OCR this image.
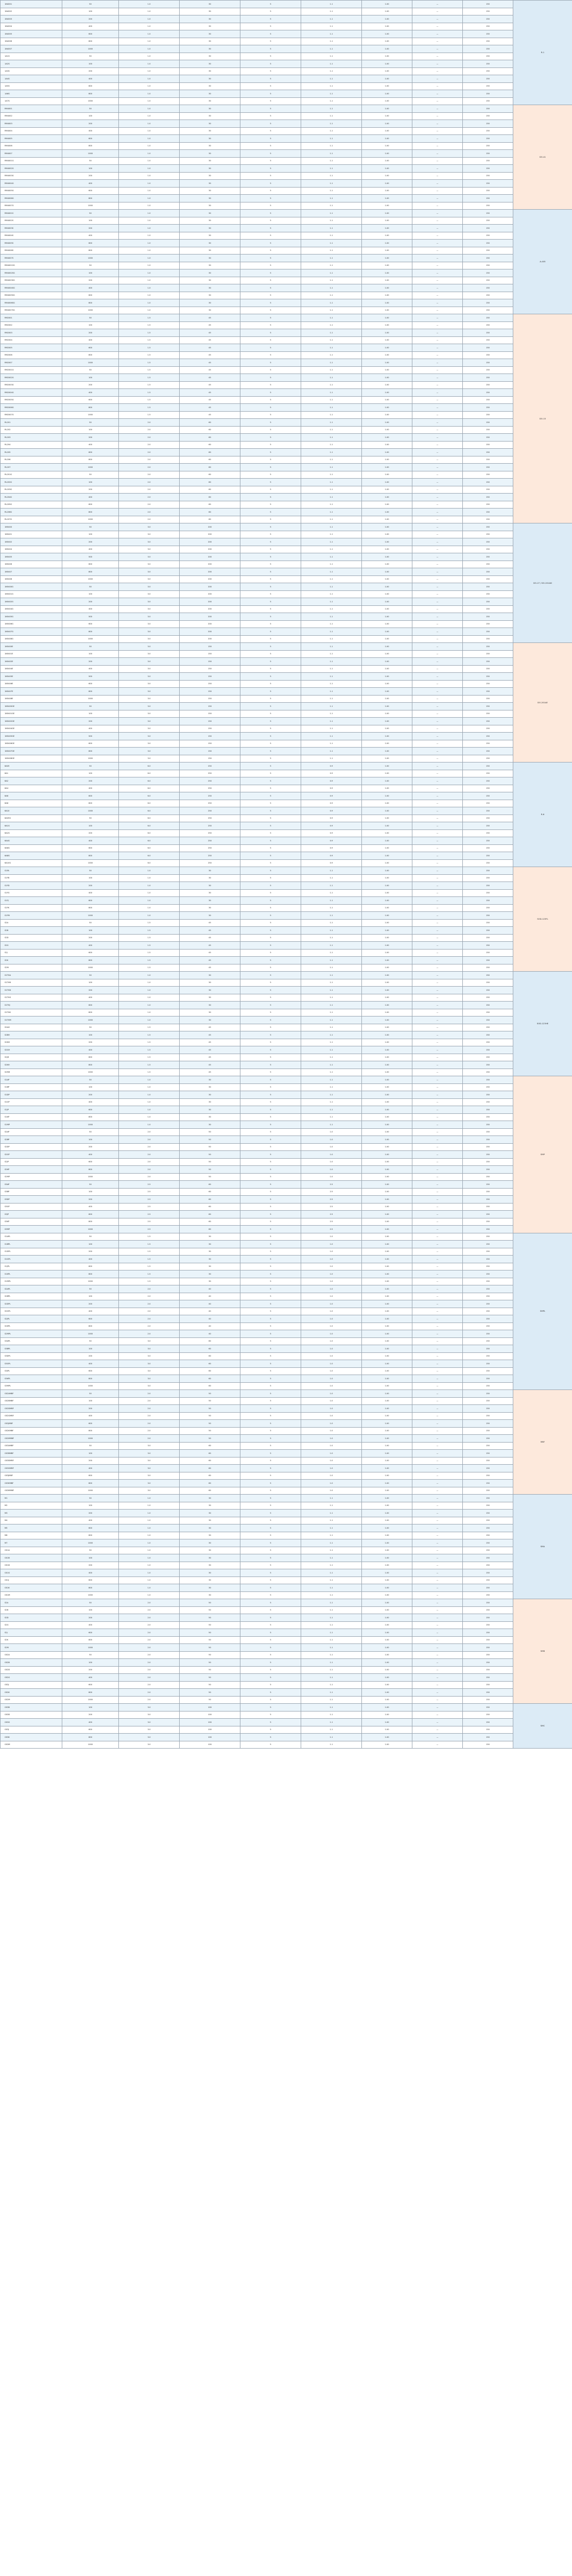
1N4001	50	1.0	30	5	1.1	1.00	—	150	R-1
1N4002	100	1.0	30	5	1.1	1.00	—	150	
1N4003	200	1.0	30	5	1.1	1.00	—	150	
1N4004	400	1.0	30	5	1.1	1.00	—	150	
1N4005	600	1.0	30	5	1.1	1.00	—	150	
1N4006	800	1.0	30	5	1.1	1.00	—	150	
1N4007	1000	1.0	30	5	1.1	1.00	—	150	
1A1G	50	1.0	30	5	1.1	1.00	—	150	
1A2G	100	1.0	30	5	1.1	1.00	—	150	
1A3G	200	1.0	30	5	1.1	1.00	—	150	
1A4G	400	1.0	30	5	1.1	1.00	—	150	
1A5G	600	1.0	30	5	1.1	1.00	—	150	
1A6G	800	1.0	30	5	1.1	1.00	—	150	
1A7G	1000	1.0	30	5	1.1	1.00	—	150	
RM4001	50	1.0	30	5	1.1	1.00	—	150	DO-41
RM4002	100	1.0	30	5	1.1	1.00	—	150	
RM4003	200	1.0	30	5	1.1	1.00	—	150	
RM4004	400	1.0	30	5	1.1	1.00	—	150	
RM4005	600	1.0	30	5	1.1	1.00	—	150	
RM4006	800	1.0	30	5	1.1	1.00	—	150	
RM4007	1000	1.0	30	5	1.1	1.00	—	150	
RM4001G	50	1.0	30	5	1.1	1.00	—	150	
RM4002G	100	1.0	30	5	1.1	1.00	—	150	
RM4003G	200	1.0	30	5	1.1	1.00	—	150	
RM4004G	400	1.0	30	5	1.1	1.00	—	150	
RM4005G	600	1.0	30	5	1.1	1.00	—	150	
RM4006G	800	1.0	30	5	1.1	1.00	—	150	
RM4007G	1000	1.0	30	5	1.1	1.00	—	150	
RM4001S	50	1.0	30	5	1.1	1.00	—	150	A-405
RM4002S	100	1.0	30	5	1.1	1.00	—	150	
RM4003S	200	1.0	30	5	1.1	1.00	—	150	
RM4004S	400	1.0	30	5	1.1	1.00	—	150	
RM4005S	600	1.0	30	5	1.1	1.00	—	150	
RM4006S	800	1.0	30	5	1.1	1.00	—	150	
RM4007S	1000	1.0	30	5	1.1	1.00	—	150	
RM4001SG	50	1.0	30	5	1.1	1.00	—	150	
RM4002SG	100	1.0	30	5	1.1	1.00	—	150	
RM4003SG	200	1.0	30	5	1.1	1.00	—	150	
RM4004SG	400	1.0	30	5	1.1	1.00	—	150	
RM4005SG	600	1.0	30	5	1.1	1.00	—	150	
RM4006SG	800	1.0	30	5	1.1	1.00	—	150	
RM4007SG	1000	1.0	30	5	1.1	1.00	—	150	
RM2001	50	1.5	45	5	1.1	1.00	—	150	DO-15
RM2002	100	1.5	45	5	1.1	1.00	—	150	
RM2003	200	1.5	45	5	1.1	1.00	—	150	
RM2004	400	1.5	45	5	1.1	1.00	—	150	
RM2005	600	1.5	45	5	1.1	1.00	—	150	
RM2006	800	1.5	45	5	1.1	1.00	—	150	
RM2007	1000	1.5	45	5	1.1	1.00	—	150	
RM2001G	50	1.5	45	5	1.1	1.00	—	150	
RM2002G	100	1.5	45	5	1.1	1.00	—	150	
RM2003G	200	1.5	45	5	1.1	1.00	—	150	
RM2004G	400	1.5	45	5	1.1	1.00	—	150	
RM2005G	600	1.5	45	5	1.1	1.00	—	150	
RM2006G	800	1.5	45	5	1.1	1.00	—	150	
RM2007G	1000	1.5	45	5	1.1	1.00	—	150	
RL201	50	2.0	60	5	1.1	1.00	—	150	
RL202	100	2.0	60	5	1.1	1.00	—	150	
RL203	200	2.0	60	5	1.1	1.00	—	150	
RL204	400	2.0	60	5	1.1	1.00	—	150	
RL205	600	2.0	60	5	1.1	1.00	—	150	
RL206	800	2.0	60	5	1.1	1.00	—	150	
RL207	1000	2.0	60	5	1.1	1.00	—	150	
RL201G	50	2.0	60	5	1.1	1.00	—	150	
RL202G	100	2.0	60	5	1.1	1.00	—	150	
RL203G	200	2.0	60	5	1.1	1.00	—	150	
RL204G	400	2.0	60	5	1.1	1.00	—	150	
RL205G	600	2.0	60	5	1.1	1.00	—	150	
RL206G	800	2.0	60	5	1.1	1.00	—	150	
RL207G	1000	2.0	60	5	1.1	1.00	—	150	
1N5400	50	3.0	200	5	1.1	1.00	—	150	DO-27 / DO-201AD
1N5401	100	3.0	200	5	1.1	1.00	—	150	
1N5402	200	3.0	200	5	1.1	1.00	—	150	
1N5404	400	3.0	200	5	1.1	1.00	—	150	
1N5405	500	3.0	200	5	1.1	1.00	—	150	
1N5406	600	3.0	200	5	1.1	1.00	—	150	
1N5407	800	3.0	200	5	1.1	1.00	—	150	
1N5408	1000	3.0	200	5	1.1	1.00	—	150	
1N5400G	50	3.0	200	5	1.1	1.00	—	150	
1N5401G	100	3.0	200	5	1.1	1.00	—	150	
1N5402G	200	3.0	200	5	1.1	1.00	—	150	
1N5404G	400	3.0	200	5	1.1	1.00	—	150	
1N5405G	500	3.0	200	5	1.1	1.00	—	150	
1N5406G	600	3.0	200	5	1.1	1.00	—	150	
1N5407G	800	3.0	200	5	1.1	1.00	—	150	
1N5408G	1000	3.0	200	5	1.1	1.00	—	150	
1N5400E	50	3.0	150	5	1.1	1.00	—	150	DO-201AE
1N5401E	100	3.0	150	5	1.1	1.00	—	150	
1N5402E	200	3.0	150	5	1.1	1.00	—	150	
1N5404E	400	3.0	150	5	1.1	1.00	—	150	
1N5405E	500	3.0	150	5	1.1	1.00	—	150	
1N5406E	600	3.0	150	5	1.1	1.00	—	150	
1N5407E	800	3.0	150	5	1.1	1.00	—	150	
1N5408E	1000	3.0	150	5	1.1	1.00	—	150	
1N5400GE	50	3.0	150	5	1.1	1.00	—	150	
1N5401GE	100	3.0	150	5	1.1	1.00	—	150	
1N5402GE	200	3.0	150	5	1.1	1.00	—	150	
1N5404GE	400	3.0	150	5	1.1	1.00	—	150	
1N5405GE	500	3.0	150	5	1.1	1.00	—	150	
1N5406GE	600	3.0	150	5	1.1	1.00	—	150	
1N5407GE	800	3.0	150	5	1.1	1.00	—	150	
1N5408GE	1000	3.0	150	5	1.1	1.00	—	150	
6A05	50	6.0	250	5	0.9	1.00	—	150	R-6
6A1	100	6.0	250	5	0.9	1.00	—	150	
6A2	200	6.0	250	5	0.9	1.00	—	150	
6A4	400	6.0	250	5	0.9	1.00	—	150	
6A6	600	6.0	250	5	0.9	1.00	—	150	
6A8	800	6.0	250	5	0.9	1.00	—	150	
6A10	1000	6.0	250	5	0.9	1.00	—	150	
6A05G	50	6.0	250	5	0.9	1.00	—	150	
6A1G	100	6.0	250	5	0.9	1.00	—	150	
6A2G	200	6.0	250	5	0.9	1.00	—	150	
6A4G	400	6.0	250	5	0.9	1.00	—	150	
6A6G	600	6.0	250	5	0.9	1.00	—	150	
6A8G	800	6.0	250	5	0.9	1.00	—	150	
6A10G	1000	6.0	250	5	0.9	1.00	—	150	
S1FA	50	1.0	30	5	1.1	1.00	—	150	SOD-123FL
S1FB	100	1.0	30	5	1.1	1.00	—	150	
S1FD	200	1.0	30	5	1.1	1.00	—	150	
S1FG	400	1.0	30	5	1.1	1.00	—	150	
S1FJ	600	1.0	30	5	1.1	1.00	—	150	
S1FK	800	1.0	30	5	1.1	1.00	—	150	
S1FM	1000	1.0	30	5	1.1	1.00	—	150	
S2A	50	1.5	45	5	1.1	1.00	—	150	
S2B	100	1.5	45	5	1.1	1.00	—	150	
S2D	200	1.5	45	5	1.1	1.00	—	150	
S2G	400	1.5	45	5	1.1	1.00	—	150	
S2J	600	1.5	45	5	1.1	1.00	—	150	
S2K	800	1.5	45	5	1.1	1.00	—	150	
S2M	1000	1.5	45	5	1.1	1.00	—	150	
S1THA	50	1.0	30	5	1.1	1.00	—	150	SOD-123HE
S1THB	100	1.0	30	5	1.1	1.00	—	150	
S1THD	200	1.0	30	5	1.1	1.00	—	150	
S1THG	400	1.0	30	5	1.1	1.00	—	150	
S1THJ	600	1.0	30	5	1.1	1.00	—	150	
S1THK	800	1.0	30	5	1.1	1.00	—	150	
S1THM	1000	1.0	30	5	1.1	1.00	—	150	
S2AH	50	1.5	45	5	1.1	1.00	—	150	
S2BH	100	1.5	45	5	1.1	1.00	—	150	
S2DH	200	1.5	45	5	1.1	1.00	—	150	
S2GH	400	1.5	45	5	1.1	1.00	—	150	
S2JH	600	1.5	45	5	1.1	1.00	—	150	
S2KH	800	1.5	45	5	1.1	1.00	—	150	
S2MH	1000	1.5	45	5	1.1	1.00	—	150	
S1AP	50	1.0	30	5	1.1	1.00	—	150	SMP
S1BP	100	1.0	30	5	1.1	1.00	—	150	
S1DP	200	1.0	30	5	1.1	1.00	—	150	
S1GP	400	1.0	30	5	1.1	1.00	—	150	
S1JP	600	1.0	30	5	1.1	1.00	—	150	
S1KP	800	1.0	30	5	1.1	1.00	—	150	
S1MP	1000	1.0	30	5	1.1	1.00	—	150	
S2AP	50	2.0	50	5	1.0	1.00	—	150	
S2BP	100	2.0	50	5	1.0	1.00	—	150	
S2DP	200	2.0	50	5	1.0	1.00	—	150	
S2GP	400	2.0	50	5	1.0	1.00	—	150	
S2JP	600	2.0	50	5	1.0	1.00	—	150	
S2KP	800	2.0	50	5	1.0	1.00	—	150	
S2MP	1000	2.0	50	5	1.0	1.00	—	150	
S3AP	50	2.5	60	5	2.5	1.00	—	150	
S3BP	100	2.5	60	5	2.5	1.00	—	150	
S3DP	200	2.5	60	5	2.5	1.00	—	150	
S3GP	400	2.5	60	5	2.5	1.00	—	150	
S3JP	600	2.5	60	5	2.5	1.00	—	150	
S3KP	800	2.5	60	5	2.5	1.00	—	150	
S3MP	1000	2.5	60	5	2.5	1.00	—	150	
S1APL	50	1.5	30	5	1.0	1.00	—	150	SMPL
S1BPL	100	1.5	30	5	1.0	1.00	—	150	
S1DPL	200	1.5	30	5	1.0	1.00	—	150	
S1GPL	400	1.5	30	5	1.0	1.00	—	150	
S1JPL	600	1.5	30	5	1.0	1.00	—	150	
S1KPL	800	1.5	30	5	1.0	1.00	—	150	
S1MPL	1000	1.5	30	5	1.0	1.00	—	150	
S2APL	50	2.0	40	5	1.0	1.00	—	150	
S2BPL	100	2.0	40	5	1.0	1.00	—	150	
S2DPL	200	2.0	40	5	1.0	1.00	—	150	
S2GPL	400	2.0	40	5	1.0	1.00	—	150	
S2JPL	600	2.0	40	5	1.0	1.00	—	150	
S2KPL	800	2.0	40	5	1.0	1.00	—	150	
S2MPL	1000	2.0	40	5	1.0	1.00	—	150	
S3APL	50	3.0	60	5	1.0	1.00	—	150	
S3BPL	100	3.0	60	5	1.0	1.00	—	150	
S3DPL	200	3.0	60	5	1.0	1.00	—	150	
S3GPL	400	3.0	60	5	1.0	1.00	—	150	
S3JPL	600	3.0	60	5	1.0	1.00	—	150	
S3KPL	800	3.0	60	5	1.0	1.00	—	150	
S3MPL	1000	3.0	60	5	1.0	1.00	—	150	
GS2AMBF	50	2.0	50	5	1.0	1.00	—	150	MBF
GS2BMBF	100	2.0	50	5	1.0	1.00	—	150	
GS2DMBF	200	2.0	50	5	1.0	1.00	—	150	
GS2GMBF	400	2.0	50	5	1.0	1.00	—	150	
GS2JMBF	600	2.0	50	5	1.0	1.00	—	150	
GS2KMBF	800	2.0	50	5	1.0	1.00	—	150	
GS2MMBF	1000	2.0	50	5	1.0	1.00	—	150	
GS3AMBF	50	3.0	60	5	1.0	1.00	—	150	
GS3BMBF	100	3.0	60	5	1.0	1.00	—	150	
GS3DMBF	200	3.0	60	5	1.0	1.00	—	150	
GS3GMBF	400	3.0	60	5	1.0	1.00	—	150	
GS3JMBF	600	3.0	60	5	1.0	1.00	—	150	
GS3KMBF	800	3.0	60	5	1.0	1.00	—	150	
GS3MMBF	1000	3.0	60	5	1.0	1.00	—	150	
M1	50	1.0	30	5	1.1	1.00	—	150	SMA
M2	100	1.0	30	5	1.1	1.00	—	150	
M3	200	1.0	30	5	1.1	1.00	—	150	
M4	400	1.0	30	5	1.1	1.00	—	150	
M5	600	1.0	30	5	1.1	1.00	—	150	
M6	800	1.0	30	5	1.1	1.00	—	150	
M7	1000	1.0	30	5	1.1	1.00	—	150	
GS1A	50	1.0	30	5	1.1	1.00	—	150	
GS1B	100	1.0	30	5	1.1	1.00	—	150	
GS1D	200	1.0	30	5	1.1	1.00	—	150	
GS1G	400	1.0	30	5	1.1	1.00	—	150	
GS1J	600	1.0	30	5	1.1	1.00	—	150	
GS1K	800	1.0	30	5	1.1	1.00	—	150	
GS1M	1000	1.0	30	5	1.1	1.00	—	150	
S2A	50	2.0	50	5	1.1	1.00	—	150	SMB
S2B	100	2.0	50	5	1.1	1.00	—	150	
S2D	200	2.0	50	5	1.1	1.00	—	150	
S2G	400	2.0	50	5	1.1	1.00	—	150	
S2J	600	2.0	50	5	1.1	1.00	—	150	
S2K	800	2.0	50	5	1.1	1.00	—	150	
S2M	1000	2.0	50	5	1.1	1.00	—	150	
GS2A	50	2.0	50	5	1.1	1.00	—	150	
GS2B	100	2.0	50	5	1.1	1.00	—	150	
GS2D	200	2.0	50	5	1.1	1.00	—	150	
GS2G	400	2.0	50	5	1.1	1.00	—	150	
GS2J	600	2.0	50	5	1.1	1.00	—	150	
GS2K	800	2.0	50	5	1.1	1.00	—	150	
GS2M	1000	2.0	50	5	1.1	1.00	—	150	
GS3B	100	3.0	100	5	1.1	1.00	—	150	SMC
GS3D	200	3.0	100	5	1.1	1.00	—	150	
GS3G	400	3.0	100	5	1.1	1.00	—	150	
GS3J	600	3.0	100	5	1.1	1.00	—	150	
GS3K	800	3.0	100	5	1.1	1.00	—	150	
GS3M	1000	3.0	100	5	1.1	1.00	—	150	
